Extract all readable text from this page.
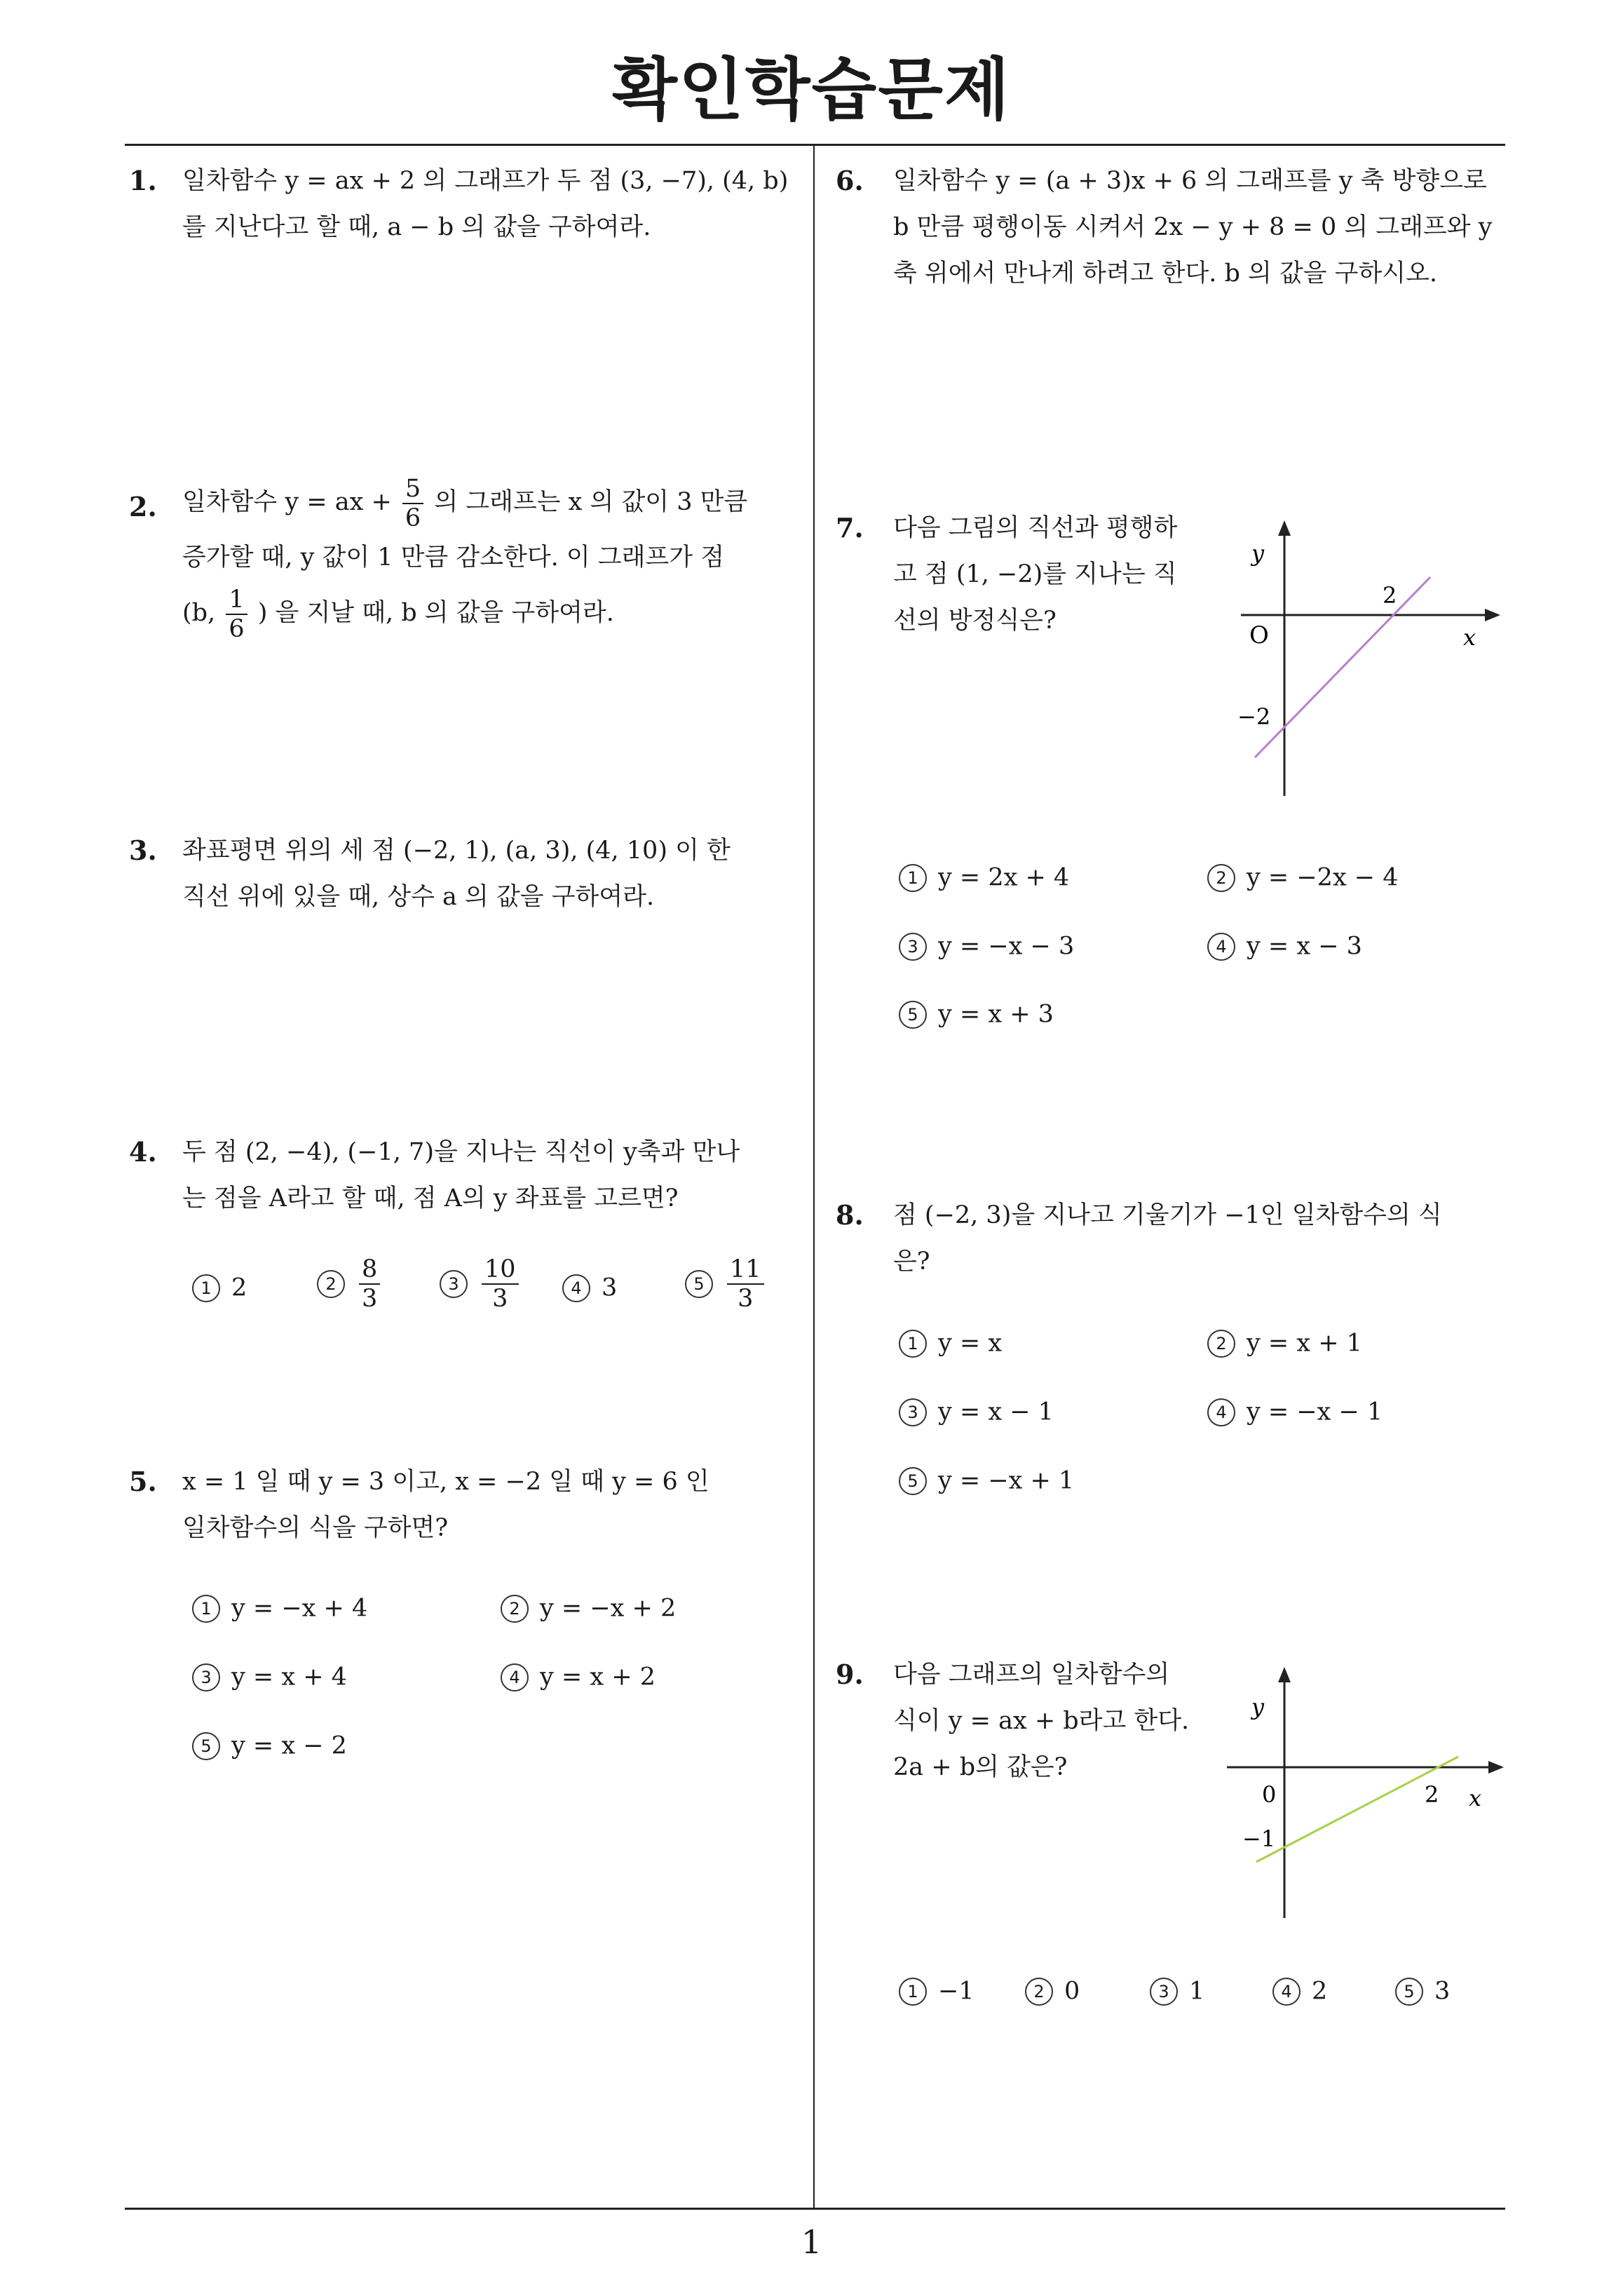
확인학습문제
1
1. 일차함수 y = ax + 2 의 그래프가 두 점 (3, −7), (4, b)
를 지난다고 할 때, a − b 의 값을 구하여라.
2. 일차함수 y = ax + $\frac{5}{6}$ 의 그래프는 x 의 값이 3 만큼
증가할 때, y 값이 1 만큼 감소한다. 이 그래프가 점
(b, $\frac{1}{6}$ ) 을 지날 때, b 의 값을 구하여라.
3. 좌표평면 위의 세 점 (−2, 1), (a, 3), (4, 10) 이 한
직선 위에 있을 때, 상수 a 의 값을 구하여라.
4. 두 점 (2, −4), (−1, 7)을 지나는 직선이 y축과 만나
는 점을 A라고 할 때, 점 A의 y 좌표를 고르면?
1 2	$2 \frac{8}{3}$	$3 \frac{10}{3}$	4 3	$5 \frac{11}{3}$
5. x = 1 일 때 y = 3 이고, x = −2 일 때 y = 6 인
일차함수의 식을 구하면?
1 y = −x + 4	2 y = −x + 2
3 y = x + 4	4 y = x + 2
5 y = x − 2
6. 일차함수 y = (a + 3)x + 6 의 그래프를 y 축 방향으로
b 만큼 평행이동 시켜서 2x − y + 8 = 0 의 그래프와 y
축 위에서 만나게 하려고 한다. b 의 값을 구하시오.
7. 다음 그림의 직선과 평행하
고 점 (1, −2)를 지나는 직
선의 방정식은?
y
x
O
2
−2
1 y = 2x + 4	2 y = −2x − 4
3 y = −x − 3	4 y = x − 3
5 y = x + 3
8. 점 (−2, 3)을 지나고 기울기가 −1인 일차함수의 식
은?
1 y = x	2 y = x + 1
3 y = x − 1	4 y = −x − 1
5 y = −x + 1
9. 다음 그래프의 일차함수의
식이 y = ax + b라고 한다.
2a + b의 값은?
y
x
0	2
−1
1 −1	2 0	3 1	4 2	5 3
